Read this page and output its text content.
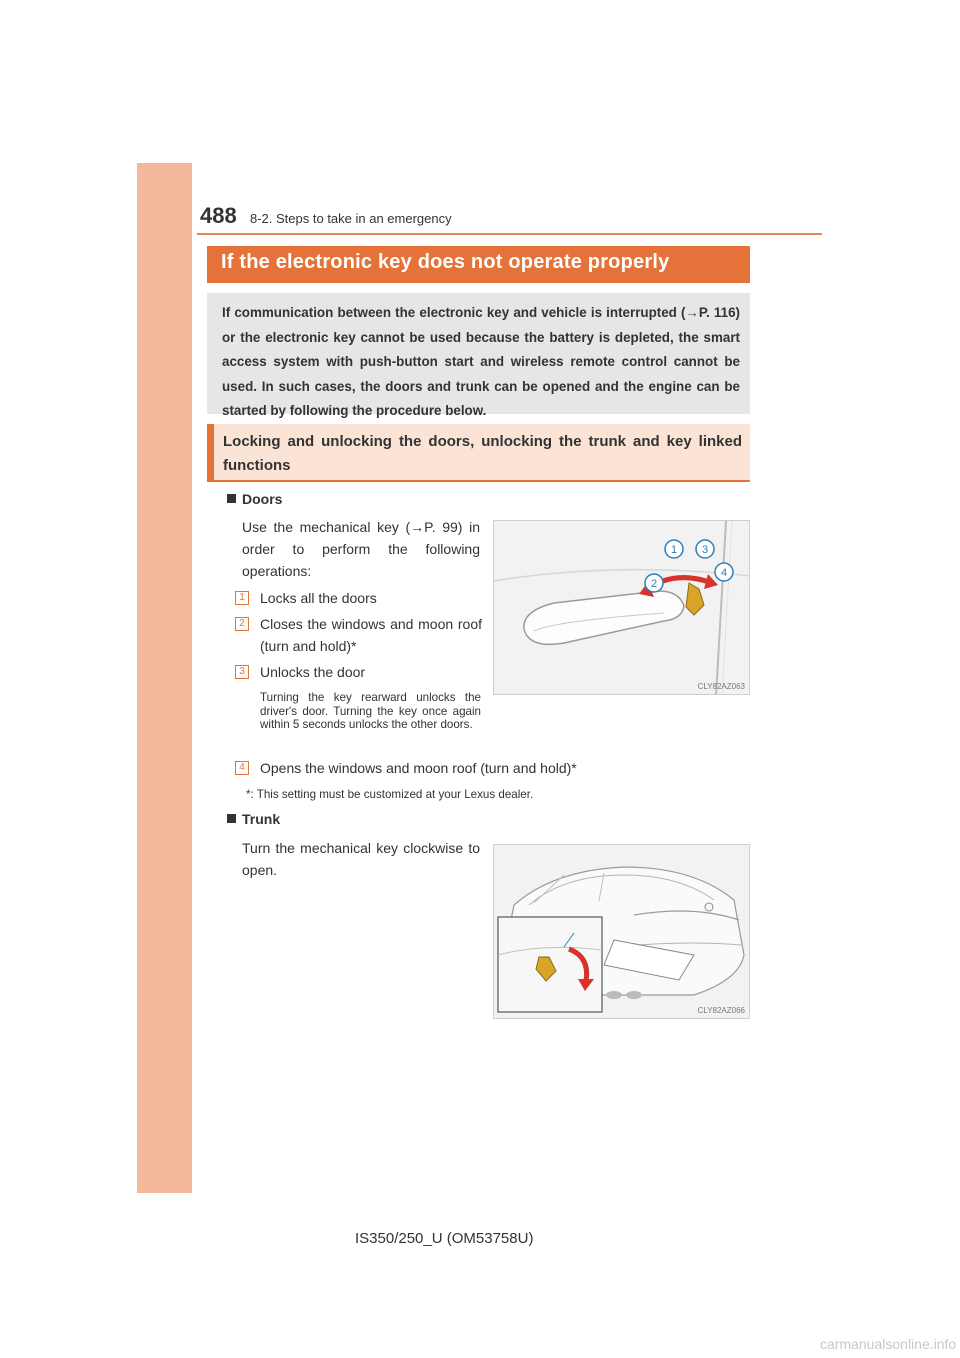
488 8-2. Steps to take in an emergency
If the electronic key does not operate properly

If communication between the electronic key and vehicle is interrupted (→P. 116) or the electronic key cannot be used because the battery is depleted, the smart access system with push-button start and wireless remote control cannot be used. In such cases, the doors and trunk can be opened and the engine can be started by following the procedure below.

Locking and unlocking the doors, unlocking the trunk and key linked functions
Doors
Use the mechanical key (→P. 99) in order to perform the following operations:
1	Locks all the doors
2	Closes the windows and moon roof (turn and hold)*
3	Unlocks the door
Turning the key rearward unlocks the driver's door. Turning the key once again within 5 seconds unlocks the other doors.
4	Opens the windows and moon roof (turn and hold)*
*: This setting must be customized at your Lexus dealer.
1 3
2
4
CLY82AZ063
Trunk
Turn the mechanical key clockwise to open.
CLY82AZ066
IS350/250_U (OM53758U)
carmanualsonline.info
